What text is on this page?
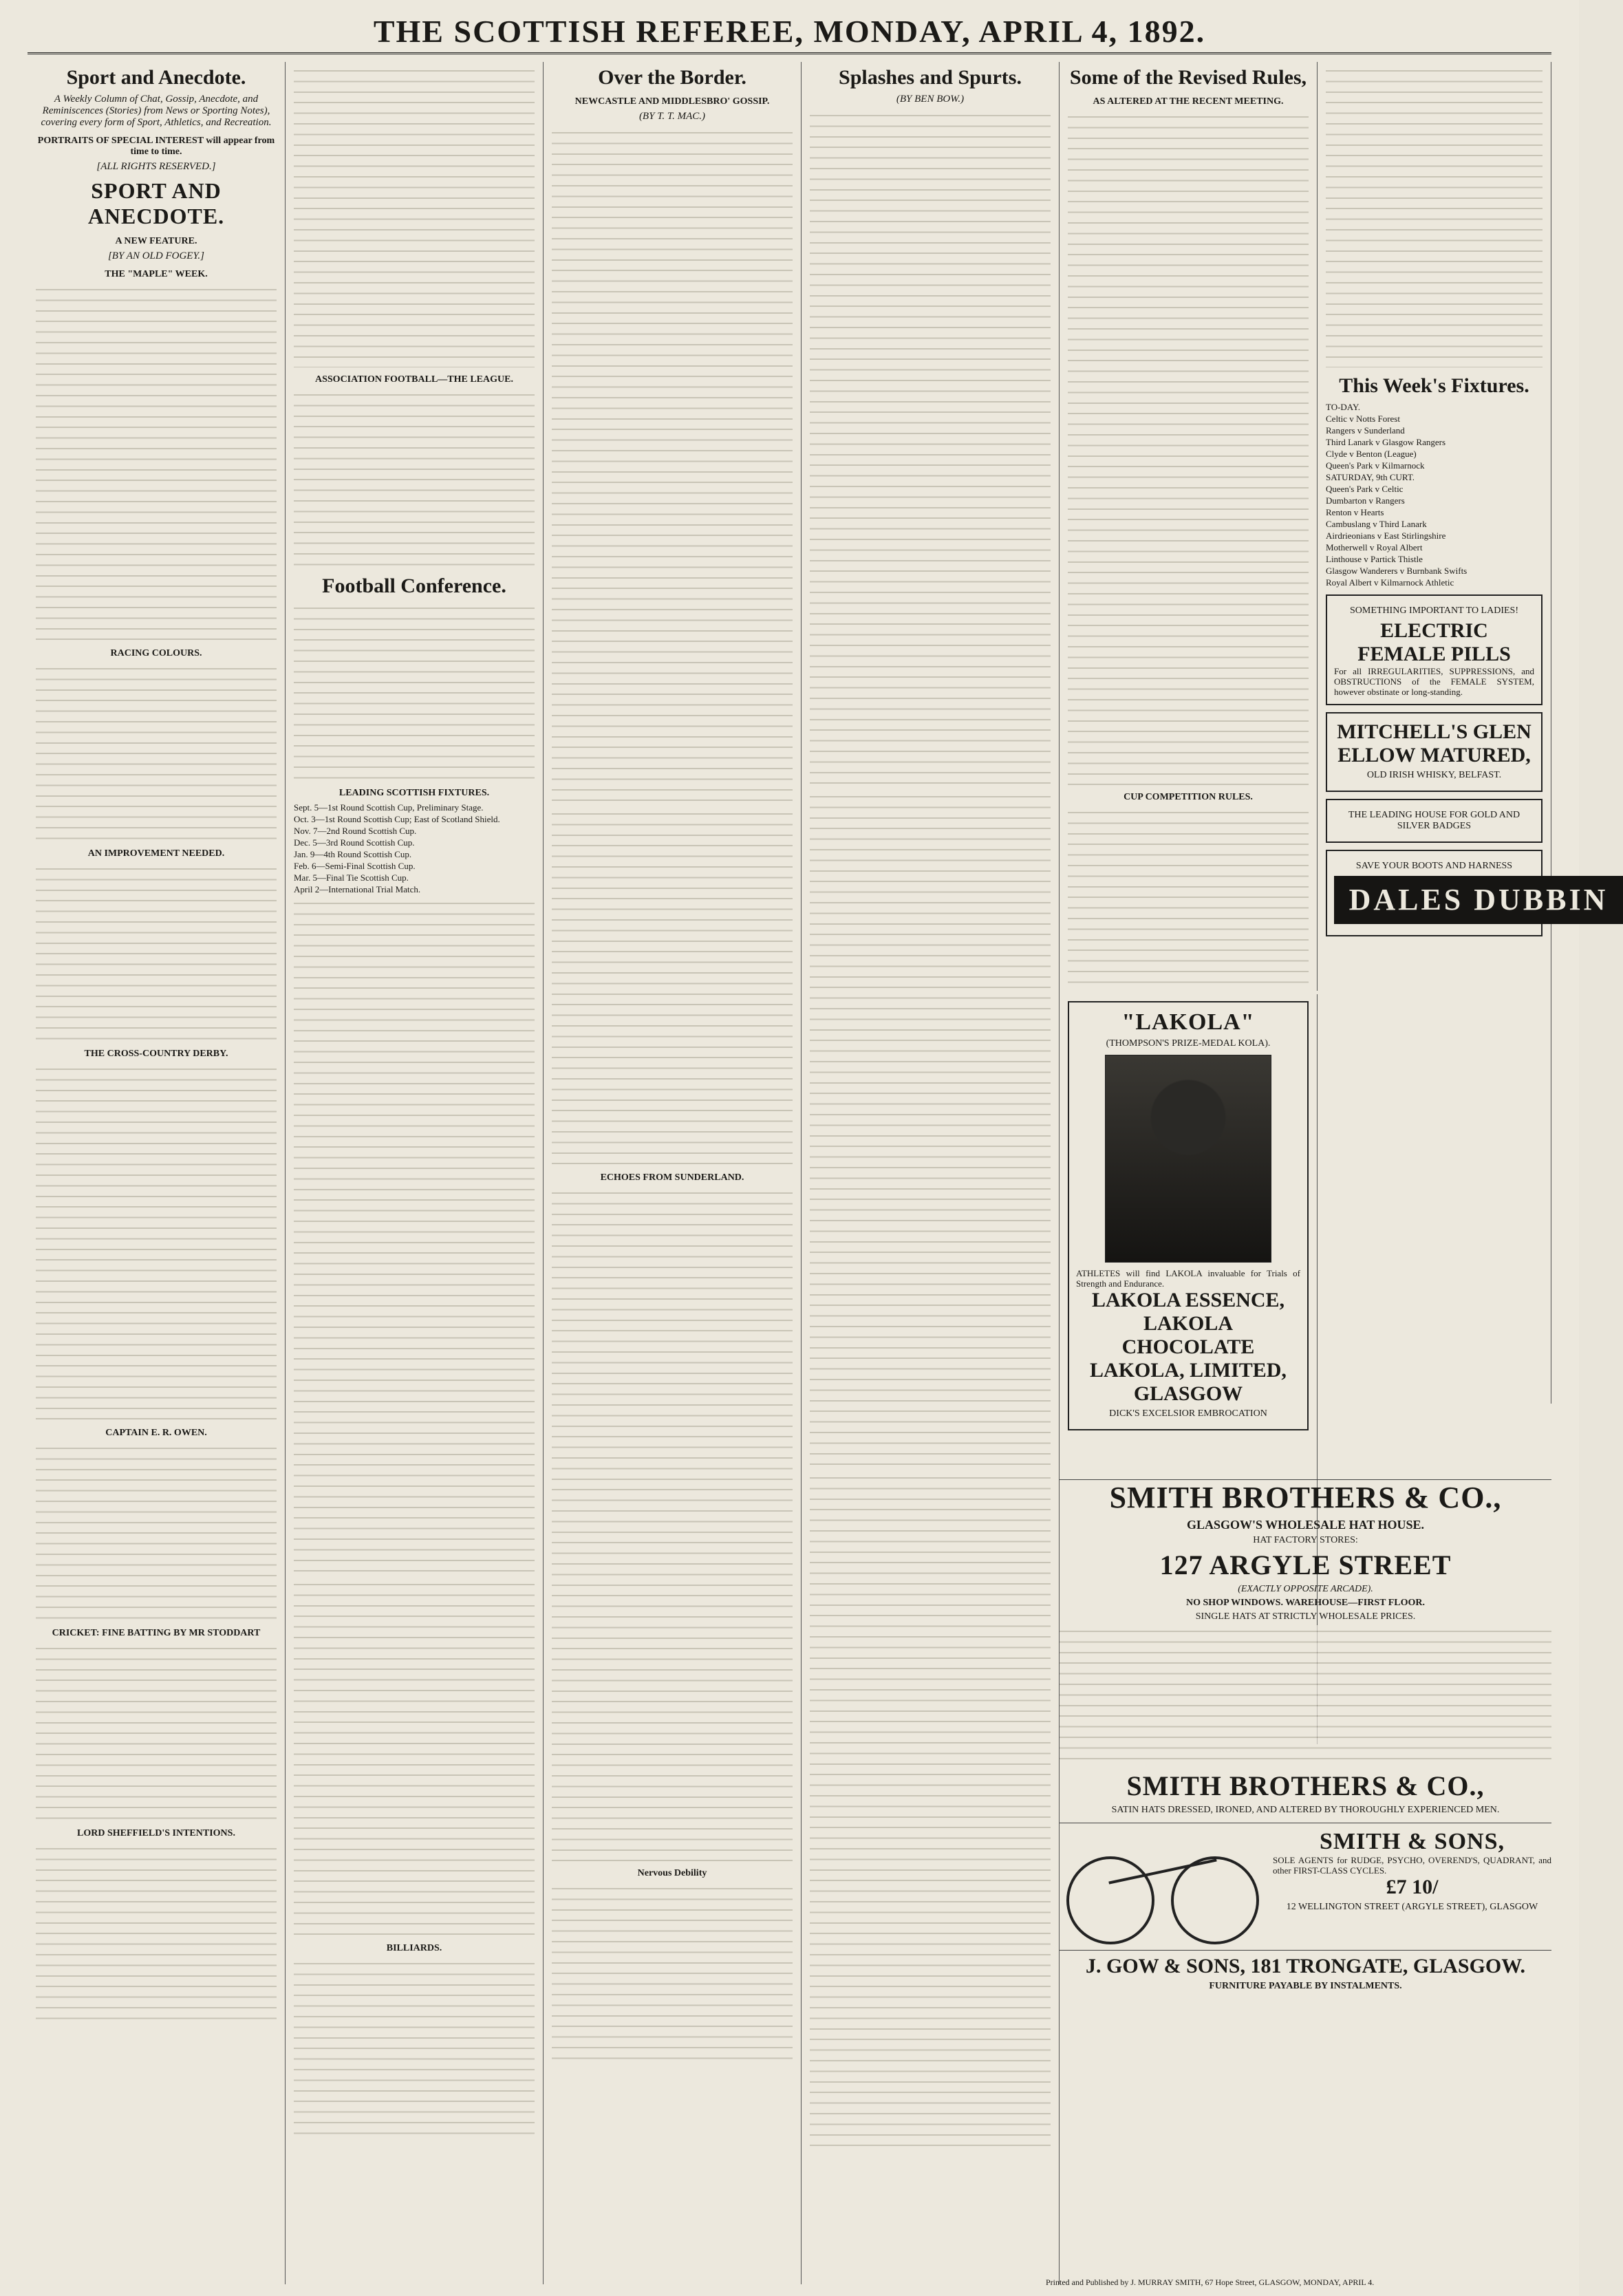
THE SCOTTISH REFEREE, MONDAY, APRIL 4, 1892.
Sport and Anecdote.
A Weekly Column of Chat, Gossip, Anecdote, and Reminiscences (Stories) from News or Sporting Notes), covering every form of Sport, Athletics, and Recreation.
PORTRAITS OF SPECIAL INTEREST will appear from time to time.
[ALL RIGHTS RESERVED.]
SPORT AND ANECDOTE.
A NEW FEATURE.
[BY AN OLD FOGEY.]
THE "MAPLE" WEEK.
RACING COLOURS.
AN IMPROVEMENT NEEDED.
THE CROSS-COUNTRY DERBY.
CAPTAIN E. R. OWEN.
CRICKET: FINE BATTING BY MR STODDART
LORD SHEFFIELD'S INTENTIONS.
ASSOCIATION FOOTBALL—THE LEAGUE.
Football Conference.
LEADING SCOTTISH FIXTURES.
Sept. 5—1st Round Scottish Cup, Preliminary Stage.
Oct. 3—1st Round Scottish Cup; East of Scotland Shield.
Nov. 7—2nd Round Scottish Cup.
Dec. 5—3rd Round Scottish Cup.
Jan. 9—4th Round Scottish Cup.
Feb. 6—Semi-Final Scottish Cup.
Mar. 5—Final Tie Scottish Cup.
April 2—International Trial Match.
BILLIARDS.
Over the Border.
NEWCASTLE AND MIDDLESBRO' GOSSIP.
(BY T. T. MAC.)
ECHOES FROM SUNDERLAND.
Nervous Debility
Splashes and Spurts.
(BY BEN BOW.)
Some of the Revised Rules,
AS ALTERED AT THE RECENT MEETING.
CUP COMPETITION RULES.
This Week's Fixtures.
TO-DAY.
Celtic v Notts Forest
Rangers v Sunderland
Third Lanark v Glasgow Rangers
Clyde v Benton (League)
Queen's Park v Kilmarnock
SATURDAY, 9th CURT.
Queen's Park v Celtic
Dumbarton v Rangers
Renton v Hearts
Cambuslang v Third Lanark
Airdrieonians v East Stirlingshire
Motherwell v Royal Albert
Linthouse v Partick Thistle
Glasgow Wanderers v Burnbank Swifts
Royal Albert v Kilmarnock Athletic
SOMETHING IMPORTANT TO LADIES!
ELECTRIC FEMALE PILLS
For all IRREGULARITIES, SUPPRESSIONS, and OBSTRUCTIONS of the FEMALE SYSTEM, however obstinate or long-standing.
MITCHELL'S GLEN ELLOW MATURED,
OLD IRISH WHISKY, BELFAST.
THE LEADING HOUSE FOR GOLD AND SILVER BADGES
SAVE YOUR BOOTS AND HARNESS
DALES DUBBIN
"LAKOLA"
(THOMPSON'S PRIZE-MEDAL KOLA).
ATHLETES will find LAKOLA invaluable for Trials of Strength and Endurance.
LAKOLA ESSENCE,
LAKOLA CHOCOLATE
LAKOLA, LIMITED, GLASGOW
DICK'S EXCELSIOR EMBROCATION
SMITH BROTHERS & CO.,
GLASGOW'S WHOLESALE HAT HOUSE.
HAT FACTORY STORES:
127 ARGYLE STREET
(EXACTLY OPPOSITE ARCADE).
NO SHOP WINDOWS. WAREHOUSE—FIRST FLOOR.
SINGLE HATS AT STRICTLY WHOLESALE PRICES.
SMITH BROTHERS & CO.,
SATIN HATS DRESSED, IRONED, AND ALTERED BY THOROUGHLY EXPERIENCED MEN.
SMITH & SONS,
SOLE AGENTS for RUDGE, PSYCHO, OVEREND'S, QUADRANT, and other FIRST-CLASS CYCLES.
£7 10/
12 WELLINGTON STREET (ARGYLE STREET), GLASGOW
J. GOW & SONS, 181 TRONGATE, GLASGOW.
FURNITURE PAYABLE BY INSTALMENTS.
Printed and Published by J. MURRAY SMITH, 67 Hope Street, GLASGOW, MONDAY, APRIL 4.
